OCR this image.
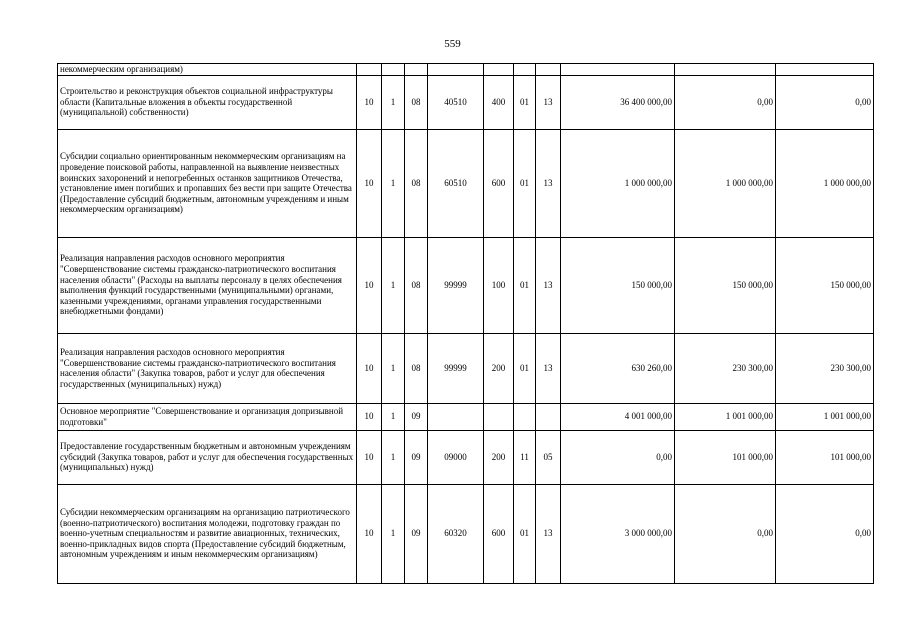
559
некоммерческим организациям)										
Строительство и реконструкция объектов социальной инфраструктуры области (Капитальные вложения в объекты государственной (муниципальной) собственности)	10	1	08	40510	400	01	13	36 400 000,00	0,00	0,00
Субсидии социально ориентированным некоммерческим организациям на проведение поисковой работы, направленной на выявление неизвестных воинских захоронений и непогребенных останков защитников Отечества, установление имен погибших и пропавших без вести при защите Отечества (Предоставление субсидий бюджетным, автономным учреждениям и иным некоммерческим организациям)	10	1	08	60510	600	01	13	1 000 000,00	1 000 000,00	1 000 000,00
Реализация направления расходов основного мероприятия "Совершенствование системы гражданско-патриотического воспитания населения области" (Расходы на выплаты персоналу в целях обеспечения выполнения функций государственными (муниципальными) органами, казенными учреждениями, органами управления государственными внебюджетными фондами)	10	1	08	99999	100	01	13	150 000,00	150 000,00	150 000,00
Реализация направления расходов основного мероприятия "Совершенствование системы гражданско-патриотического воспитания населения области" (Закупка товаров, работ и услуг для обеспечения государственных (муниципальных) нужд)	10	1	08	99999	200	01	13	630 260,00	230 300,00	230 300,00
Основное мероприятие "Совершенствование и организация допризывной подготовки"	10	1	09					4 001 000,00	1 001 000,00	1 001 000,00
Предоставление государственным бюджетным и автономным учреждениям субсидий (Закупка товаров, работ и услуг для обеспечения государственных (муниципальных) нужд)	10	1	09	09000	200	11	05	0,00	101 000,00	101 000,00
Субсидии некоммерческим организациям на организацию патриотического (военно-патриотического) воспитания молодежи, подготовку граждан по военно-учетным специальностям и развитие авиационных, технических, военно-прикладных видов спорта (Предоставление субсидий бюджетным, автономным учреждениям и иным некоммерческим организациям)	10	1	09	60320	600	01	13	3 000 000,00	0,00	0,00
